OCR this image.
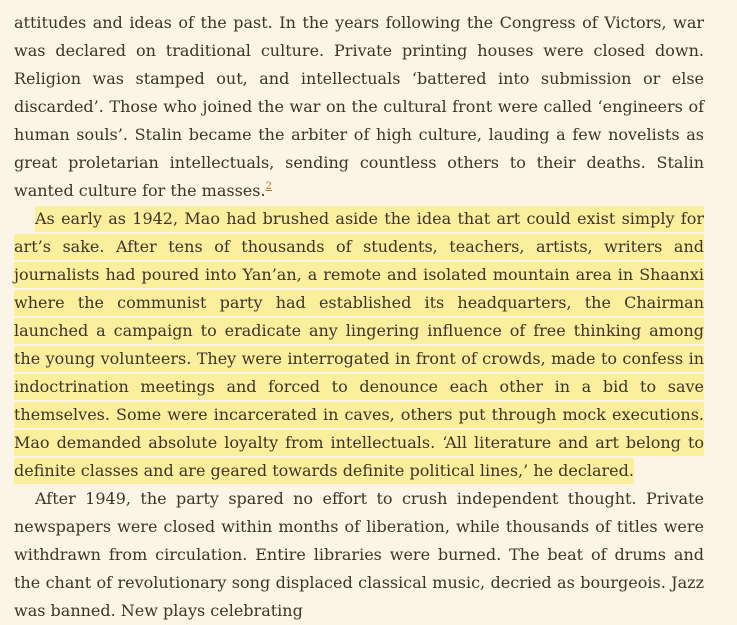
attitudes and ideas of the past. In the years following the Congress of Victors, war was declared on traditional culture. Private printing houses were closed down. Religion was stamped out, and intellectuals ‘battered into submission or else discarded’. Those who joined the war on the cultural front were called ‘engineers of human souls’. Stalin became the arbiter of high culture, lauding a few novelists as great proletarian intellectuals, sending countless others to their deaths. Stalin wanted culture for the masses.$^2$

As early as 1942, Mao had brushed aside the idea that art could exist simply for art’s sake. After tens of thousands of students, teachers, artists, writers and journalists had poured into Yan’an, a remote and isolated mountain area in Shaanxi where the communist party had established its headquarters, the Chairman launched a campaign to eradicate any lingering influence of free thinking among the young volunteers. They were interrogated in front of crowds, made to confess in indoctrination meetings and forced to denounce each other in a bid to save themselves. Some were incarcerated in caves, others put through mock executions. Mao demanded absolute loyalty from intellectuals. ‘All literature and art belong to definite classes and are geared towards definite political lines,’ he declared.

After 1949, the party spared no effort to crush independent thought. Private newspapers were closed within months of liberation, while thousands of titles were withdrawn from circulation. Entire libraries were burned. The beat of drums and the chant of revolutionary song displaced classical music, decried as bourgeois. Jazz was banned. New plays celebrating
